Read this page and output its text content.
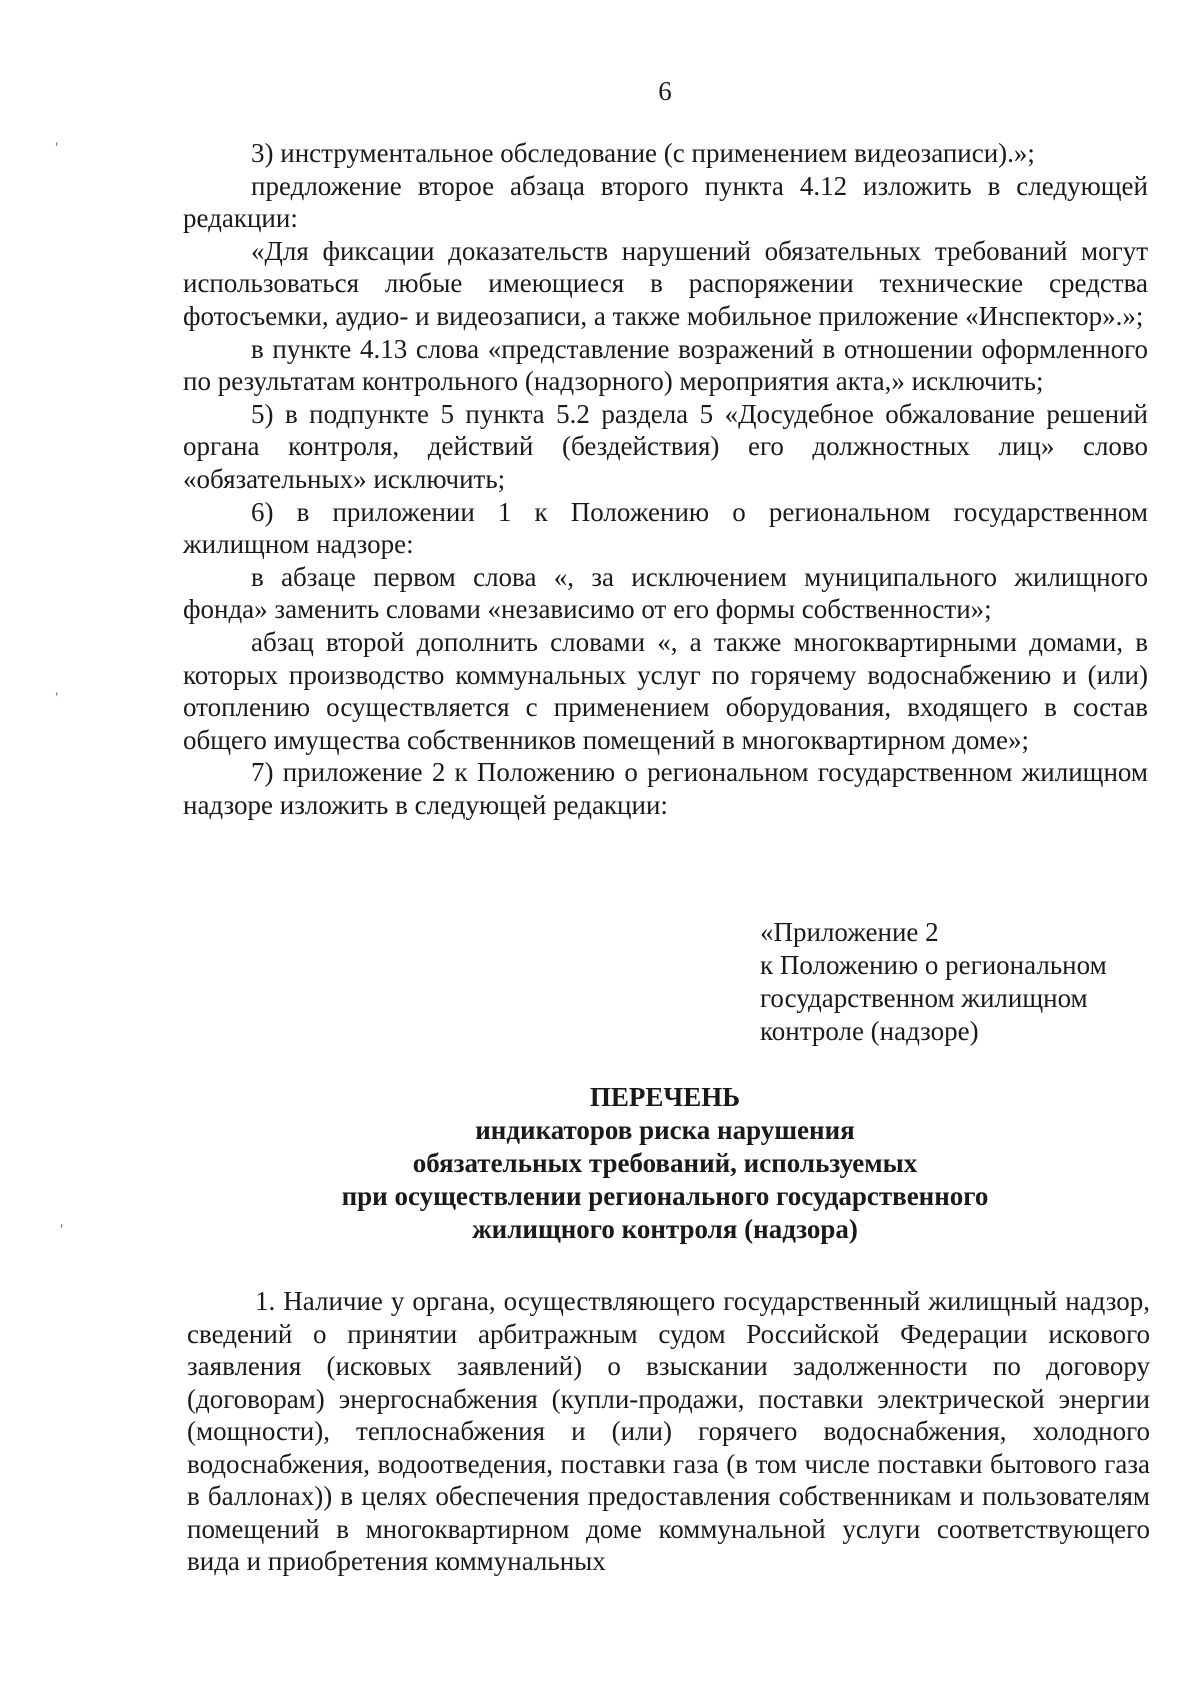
6
′
′
′

3) инструментальное обследование (с применением видеозаписи).»;

предложение второе абзаца второго пункта 4.12 изложить в следующей редакции:

«Для фиксации доказательств нарушений обязательных требований могут использоваться любые имеющиеся в распоряжении технические средства фотосъемки, аудио- и видеозаписи, а также мобильное приложение «Инспектор».»;

в пункте 4.13 слова «представление возражений в отношении оформленного по результатам контрольного (надзорного) мероприятия акта,» исключить;

5) в подпункте 5 пункта 5.2 раздела 5 «Досудебное обжалование решений органа контроля, действий (бездействия) его должностных лиц» слово «обязательных» исключить;

6) в приложении 1 к Положению о региональном государственном жилищном надзоре:

в абзаце первом слова «, за исключением муниципального жилищного фонда» заменить словами «независимо от его формы собственности»;

абзац второй дополнить словами «, а также многоквартирными домами, в которых производство коммунальных услуг по горячему водоснабжению и (или) отоплению осуществляется с применением оборудования, входящего в состав общего имущества собственников помещений в многоквартирном доме»;

7) приложение 2 к Положению о региональном государственном жилищном надзоре изложить в следующей редакции:

«Приложение 2
к Положению о региональном
государственном жилищном
контроле (надзоре)
ПЕРЕЧЕНЬ
индикаторов риска нарушения
обязательных требований, используемых
при осуществлении регионального государственного
жилищного контроля (надзора)

1. Наличие у органа, осуществляющего государственный жилищный надзор, сведений о принятии арбитражным судом Российской Федерации искового заявления (исковых заявлений) о взыскании задолженности по договору (договорам) энергоснабжения (купли-продажи, поставки электрической энергии (мощности), теплоснабжения и (или) горячего водоснабжения, холодного водоснабжения, водоотведения, поставки газа (в том числе поставки бытового газа в баллонах)) в целях обеспечения предоставления собственникам и пользователям помещений в многоквартирном доме коммунальной услуги соответствующего вида и приобретения коммунальных
